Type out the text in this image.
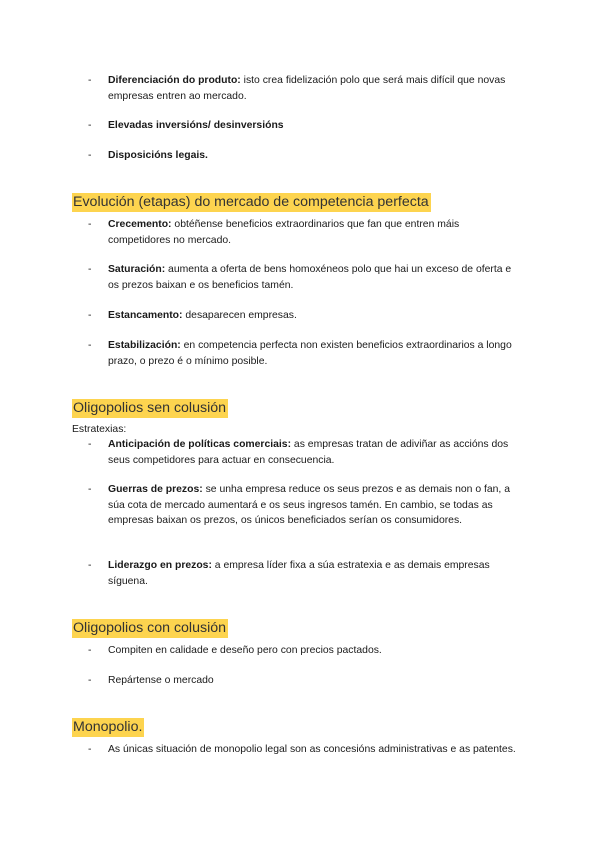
- Diferenciación do produto: isto crea fidelización polo que será mais difícil que novas empresas entren ao mercado.
- Elevadas inversións/ desinversións
- Disposicións legais.
Evolución (etapas) do mercado de competencia perfecta
- Crecemento: obtéñense beneficios extraordinarios que fan que entren máis competidores no mercado.
- Saturación: aumenta a oferta de bens homoxéneos polo que hai un exceso de oferta e os prezos baixan e os beneficios tamén.
- Estancamento: desaparecen empresas.
- Estabilización: en competencia perfecta non existen beneficios extraordinarios a longo prazo, o prezo é o mínimo posible.
Oligopolios sen colusión
Estratexias:
- Anticipación de políticas comerciais: as empresas tratan de adiviñar as accións dos seus competidores para actuar en consecuencia.
- Guerras de prezos: se unha empresa reduce os seus prezos e as demais non o fan, a súa cota de mercado aumentará e os seus ingresos tamén. En cambio, se todas as empresas baixan os prezos, os únicos beneficiados serían os consumidores.
- Liderazgo en prezos: a empresa líder fixa a súa estratexia e as demais empresas síguena.
Oligopolios con colusión
- Compiten en calidade e deseño pero con precios pactados.
- Repártense o mercado
Monopolio.
- As únicas situación de monopolio legal son as concesións administrativas e as patentes.
